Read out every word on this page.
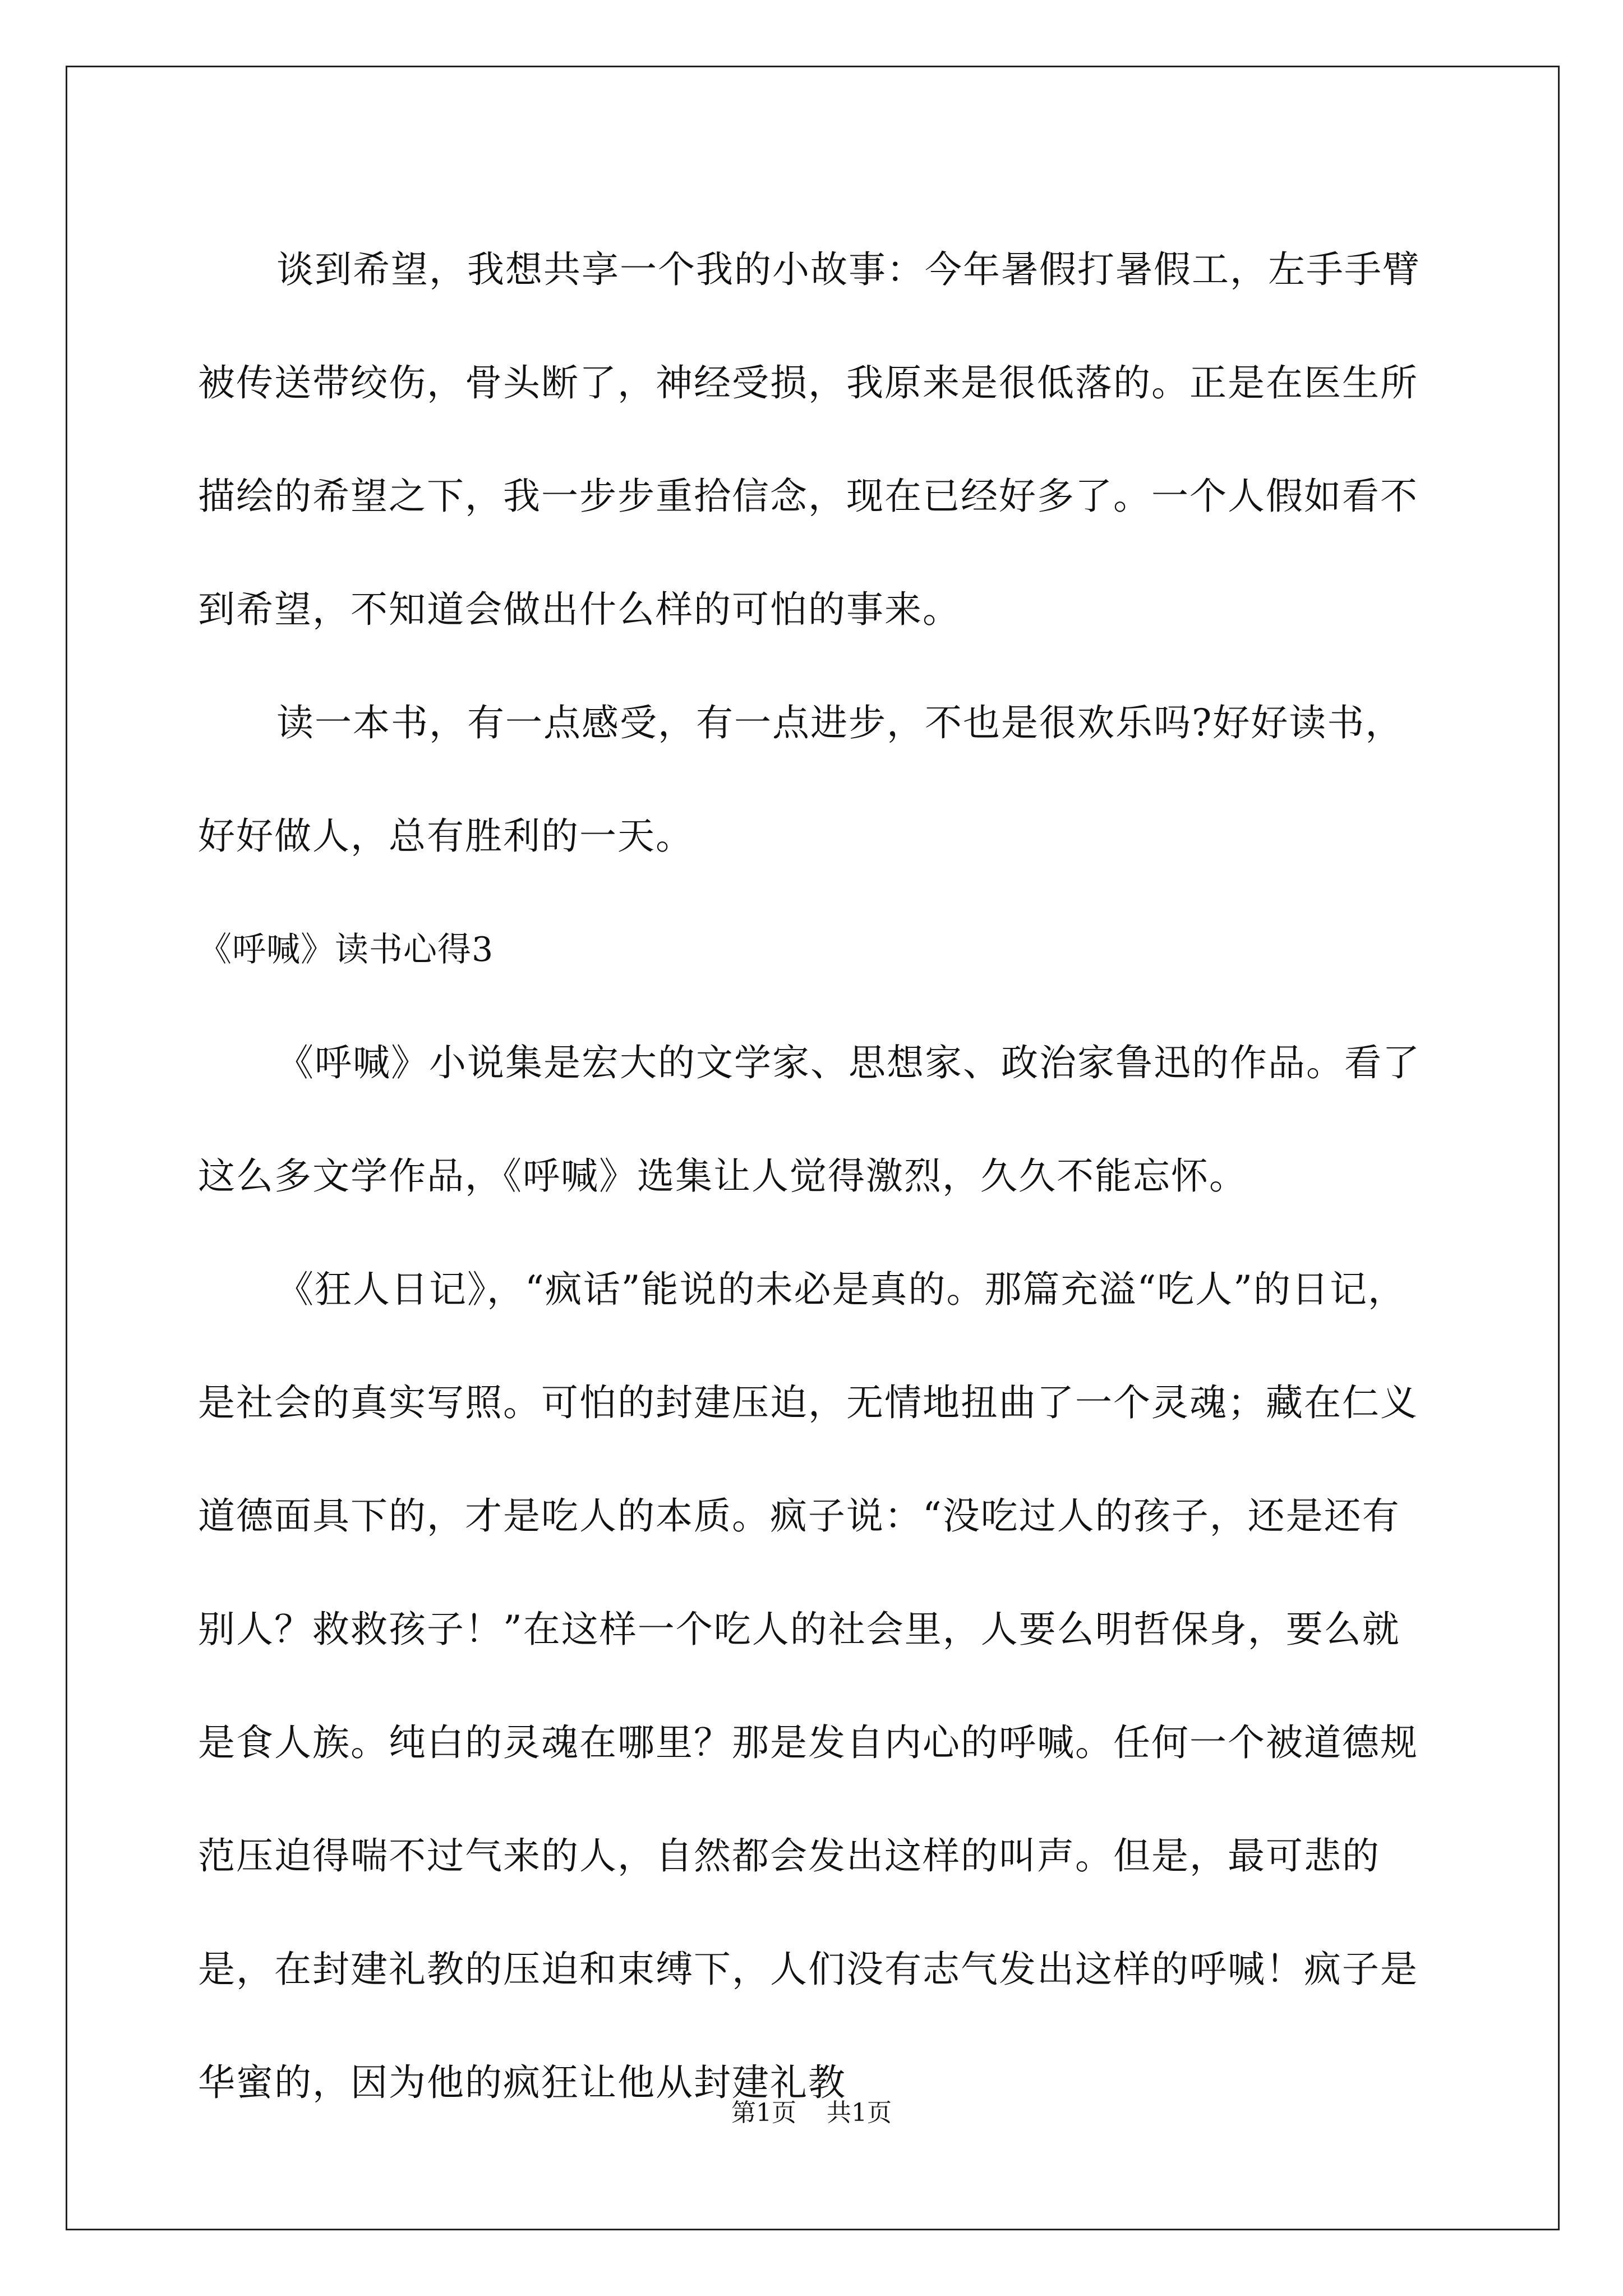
谈到希望，我想共享一个我的小故事：今年暑假打暑假工，左手手臂被传送带绞伤，骨头断了，神经受损，我原来是很低落的。正是在医生所描绘的希望之下，我一步步重拾信念，现在已经好多了。一个人假如看不到希望，不知道会做出什么样的可怕的事来。

读一本书，有一点感受，有一点进步，不也是很欢乐吗?好好读书，好好做人，总有胜利的一天。

《呼喊》读书心得3

《呼喊》小说集是宏大的文学家、思想家、政治家鲁迅的作品。看了这么多文学作品，《呼喊》选集让人觉得激烈，久久不能忘怀。

《狂人日记》，“疯话”能说的未必是真的。那篇充溢“吃人”的日记，是社会的真实写照。可怕的封建压迫，无情地扭曲了一个灵魂；藏在仁义道德面具下的，才是吃人的本质。疯子说：“没吃过人的孩子，还是还有别人？救救孩子！”在这样一个吃人的社会里，人要么明哲保身，要么就是食人族。纯白的灵魂在哪里？那是发自内心的呼喊。任何一个被道德规范压迫得喘不过气来的人，自然都会发出这样的叫声。但是，最可悲的是，在封建礼教的压迫和束缚下，人们没有志气发出这样的呼喊！疯子是华蜜的，因为他的疯狂让他从封建礼教

第1页 共1页
